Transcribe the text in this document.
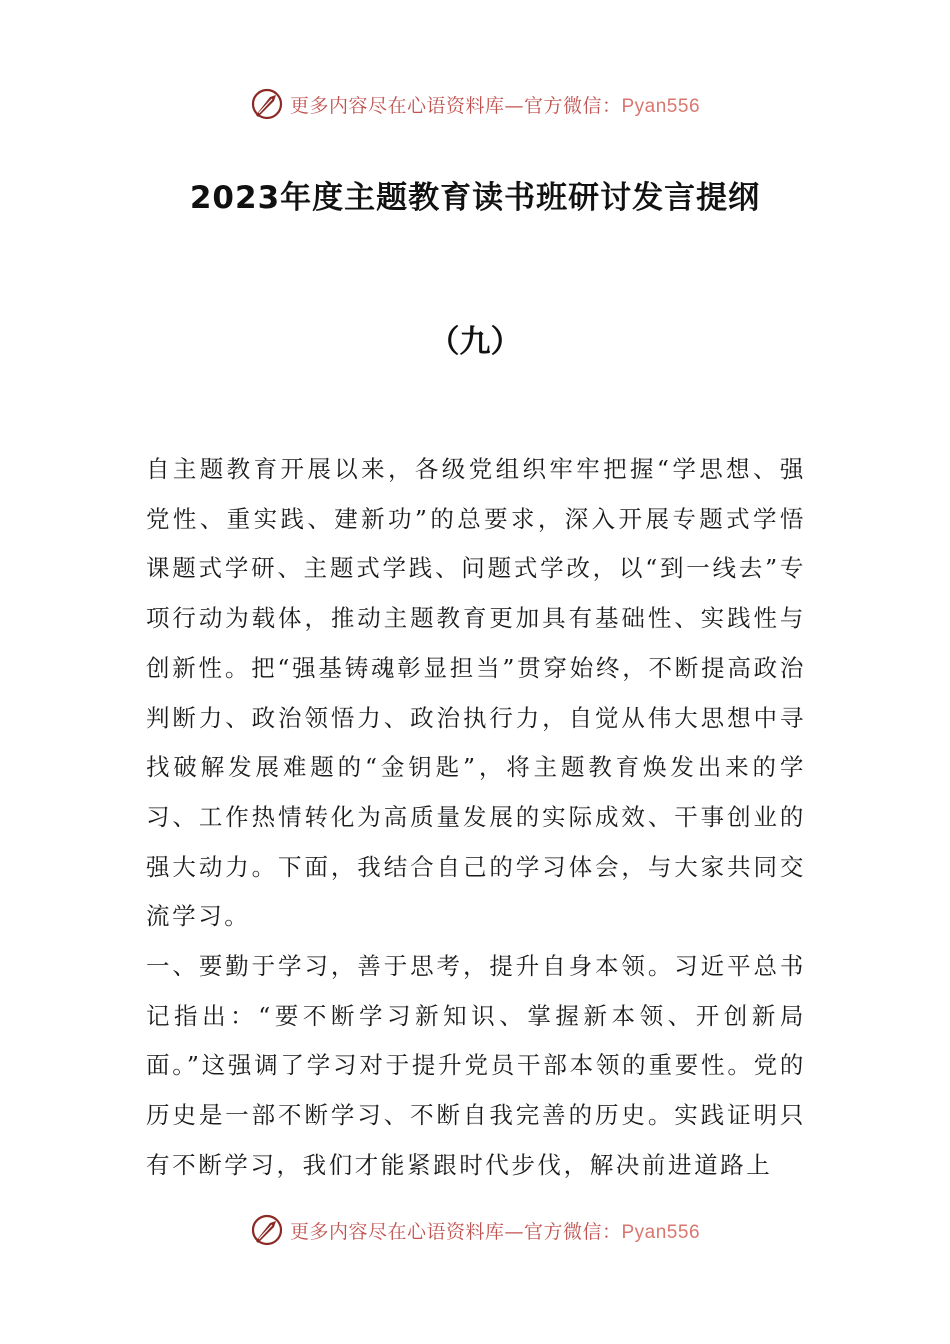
更多内容尽在心语资料库—官方微信：Pyan556
2023年度主题教育读书班研讨发言提纲
（九）

自主题教育开展以来，各级党组织牢牢把握“学思想、强党性、重实践、建新功”的总要求，深入开展专题式学悟课题式学研、主题式学践、问题式学改，以“到一线去”专项行动为载体，推动主题教育更加具有基础性、实践性与创新性。把“强基铸魂彰显担当”贯穿始终，不断提高政治判断力、政治领悟力、政治执行力，自觉从伟大思想中寻找破解发展难题的“金钥匙”，将主题教育焕发出来的学习、工作热情转化为高质量发展的实际成效、干事创业的强大动力。下面，我结合自己的学习体会，与大家共同交流学习。

一、要勤于学习，善于思考，提升自身本领。习近平总书记指出：“要不断学习新知识、掌握新本领、开创新局面。”这强调了学习对于提升党员干部本领的重要性。党的历史是一部不断学习、不断自我完善的历史。实践证明只有不断学习，我们才能紧跟时代步伐，解决前进道路上

更多内容尽在心语资料库—官方微信：Pyan556
